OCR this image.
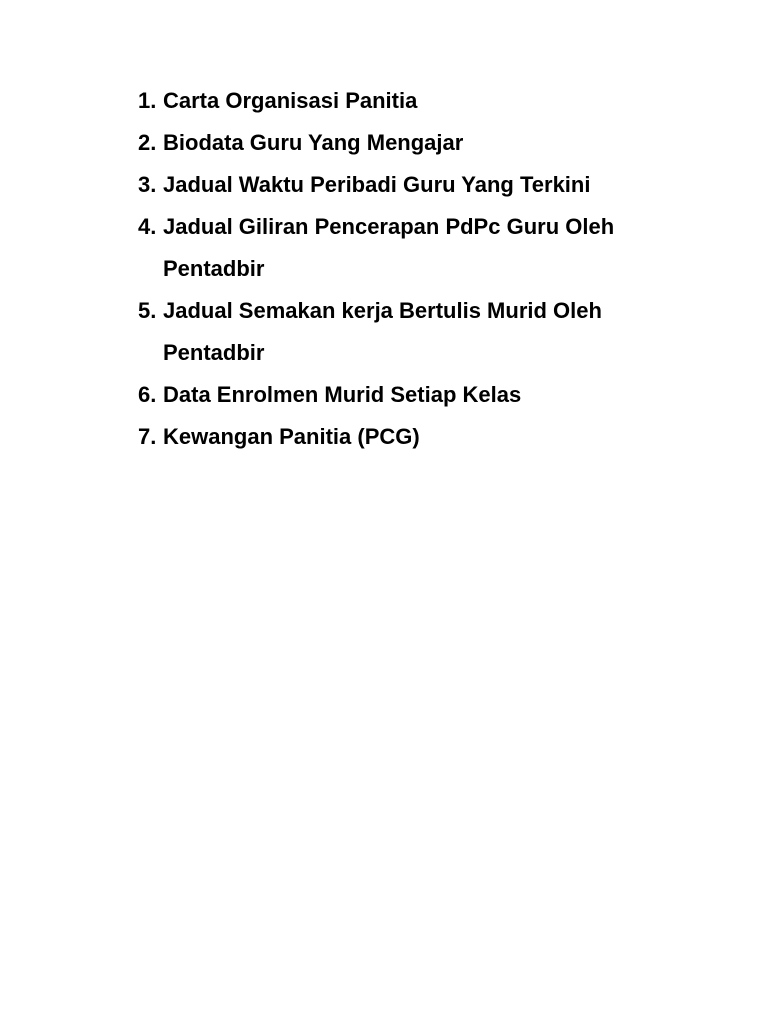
1. Carta Organisasi Panitia
2. Biodata Guru Yang Mengajar
3. Jadual Waktu Peribadi Guru Yang Terkini
4. Jadual Giliran Pencerapan PdPc Guru Oleh Pentadbir
5. Jadual Semakan kerja Bertulis Murid Oleh Pentadbir
6. Data Enrolmen Murid Setiap Kelas
7. Kewangan Panitia (PCG)
